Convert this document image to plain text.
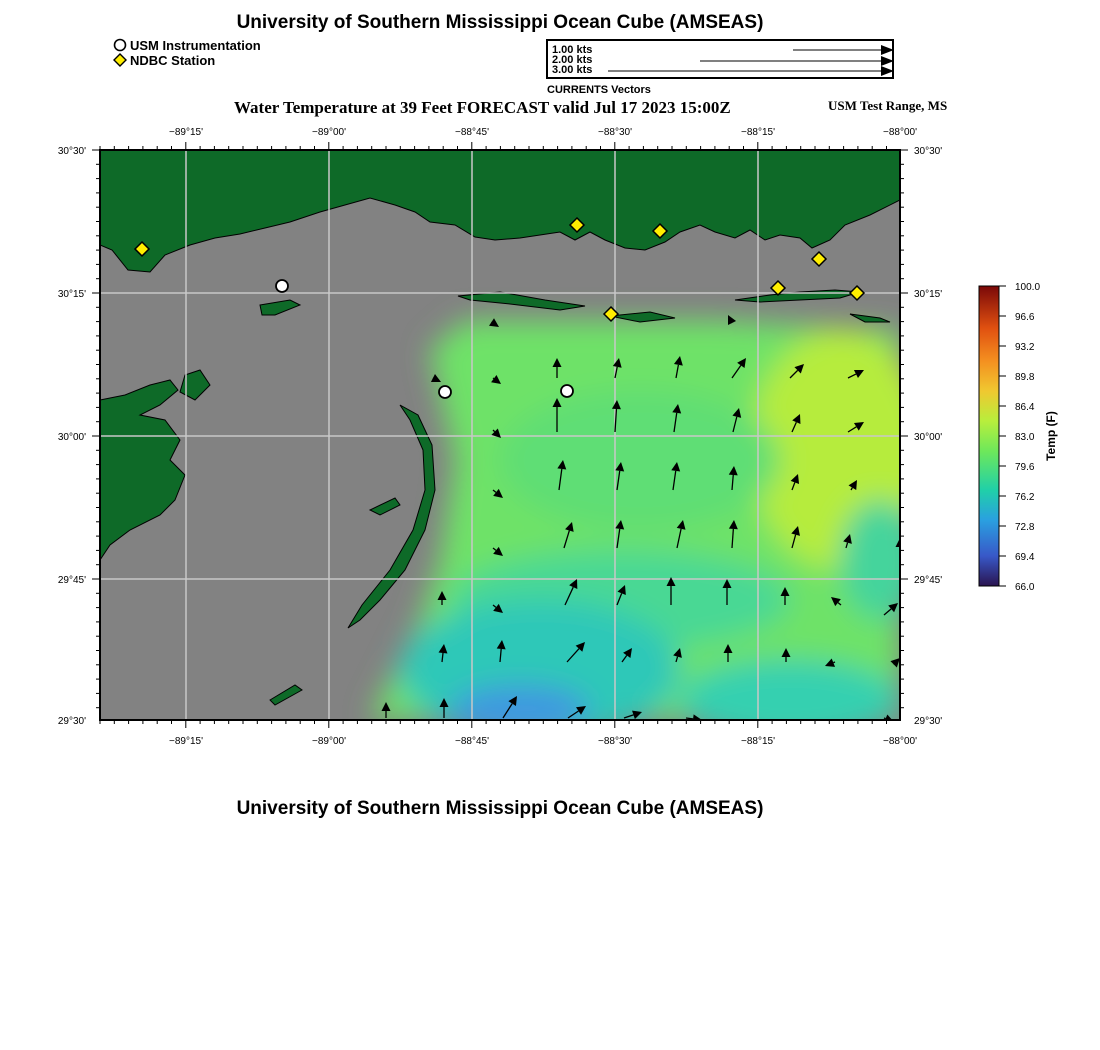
University of Southern Mississippi Ocean Cube (AMSEAS)
USM Instrumentation
NDBC Station
1.00 kts
2.00 kts
3.00 kts
CURRENTS Vectors
Water Temperature at 39 Feet FORECAST valid Jul 17 2023 15:00Z	USM Test Range, MS
−89°15'	−89°00'	−88°45'	−88°30'	−88°15'	−88°00'
−89°15'	−89°00'	−88°45'	−88°30'	−88°15'	−88°00'
30°30'
30°15'
30°00'
29°45'
29°30'
30°30'
30°15'
30°00'
29°45'
29°30'
100.0
96.6
93.2
89.8
86.4
83.0
79.6
76.2
72.8
69.4
66.0
Temp (F)
University of Southern Mississippi Ocean Cube (AMSEAS)
